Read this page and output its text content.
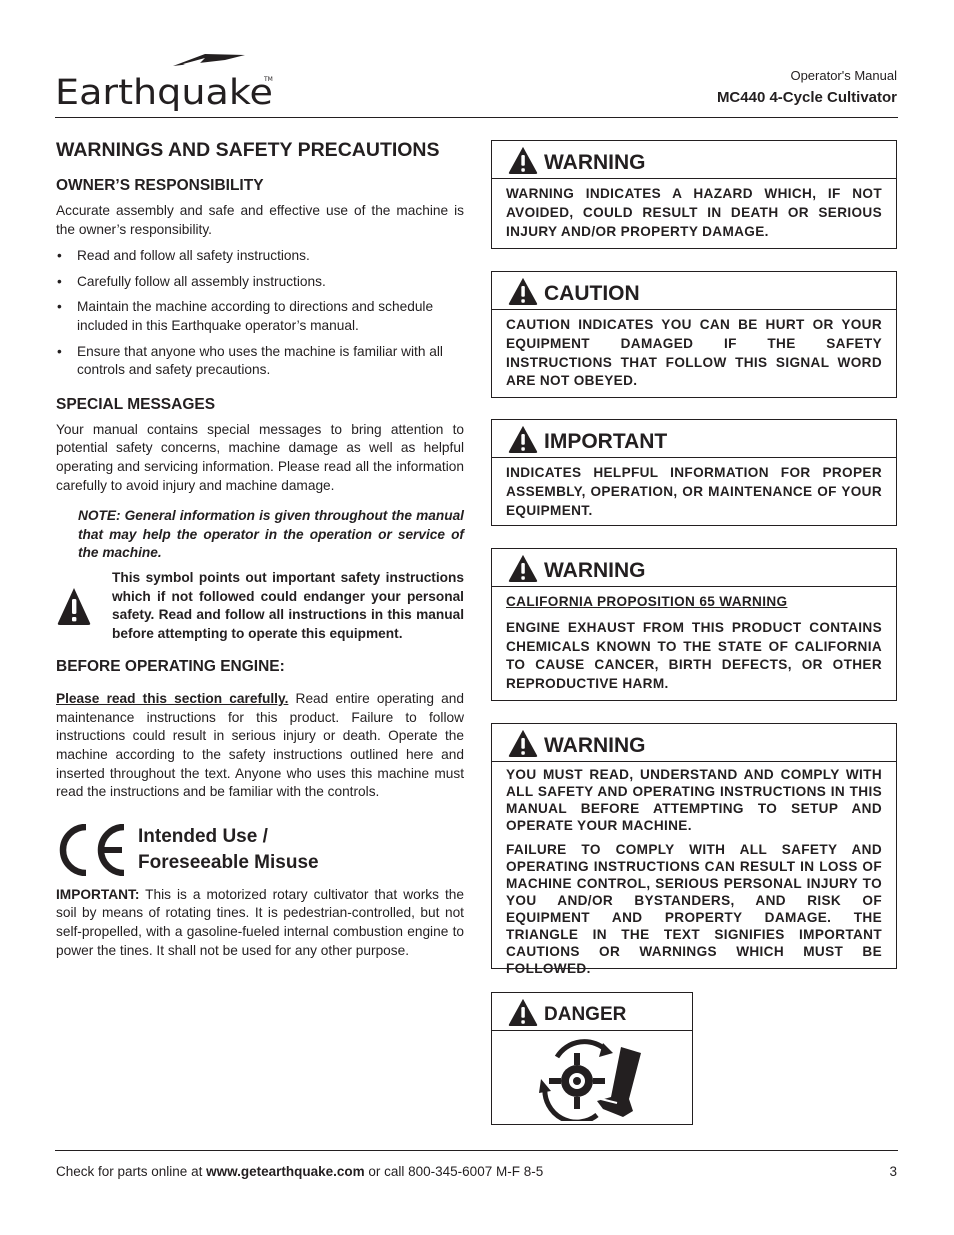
Earthquake
TM	Operator's Manual
MC440 4-Cycle Cultivator
WARNINGS AND SAFETY PRECAUTIONS
OWNER’S RESPONSIBILITY

Accurate assembly and safe and effective use of the machine is the owner’s responsibility.

• Read and follow all safety instructions.
• Carefully follow all assembly instructions.
• Maintain the machine according to directions and schedule included in this Earthquake operator’s manual.
• Ensure that anyone who uses the machine is familiar with all controls and safety precautions.
SPECIAL MESSAGES

Your manual contains special messages to bring attention to potential safety concerns, machine damage as well as helpful operating and servicing information. Please read all the information carefully to avoid injury and machine damage.

NOTE: General information is given throughout the manual that may help the operator in the operation or service of the machine.

This symbol points out important safety instructions which if not followed could endanger your personal safety. Read and follow all instructions in this manual before attempting to operate this equipment.

BEFORE OPERATING ENGINE:

Please read this section carefully. Read entire operating and maintenance instructions for this product. Failure to follow instructions could result in serious injury or death. Operate the machine according to the safety instructions outlined here and inserted throughout the text. Anyone who uses this machine must read the instructions and be familiar with the controls.

Intended Use /
Foreseeable Misuse

IMPORTANT: This is a motorized rotary cultivator that works the soil by means of rotating tines. It is pedestrian-controlled, but not self-propelled, with a gasoline-fueled internal combustion engine to power the tines. It shall not be used for any other purpose.

WARNING

WARNING INDICATES A HAZARD WHICH, IF NOT AVOIDED, COULD RESULT IN DEATH OR SERIOUS INJURY AND/OR PROPERTY DAMAGE.

CAUTION

CAUTION INDICATES YOU CAN BE HURT OR YOUR EQUIPMENT DAMAGED IF THE SAFETY INSTRUCTIONS THAT FOLLOW THIS SIGNAL WORD ARE NOT OBEYED.

IMPORTANT

INDICATES HELPFUL INFORMATION FOR PROPER ASSEMBLY, OPERATION, OR MAINTENANCE OF YOUR EQUIPMENT.

WARNING

CALIFORNIA PROPOSITION 65 WARNING

ENGINE EXHAUST FROM THIS PRODUCT CONTAINS CHEMICALS KNOWN TO THE STATE OF CALIFORNIA TO CAUSE CANCER, BIRTH DEFECTS, OR OTHER REPRODUCTIVE HARM.

WARNING

YOU MUST READ, UNDERSTAND AND COMPLY WITH ALL SAFETY AND OPERATING INSTRUCTIONS IN THIS MANUAL BEFORE ATTEMPTING TO SETUP AND OPERATE YOUR MACHINE.

FAILURE TO COMPLY WITH ALL SAFETY AND OPERATING INSTRUCTIONS CAN RESULT IN LOSS OF MACHINE CONTROL, SERIOUS PERSONAL INJURY TO YOU AND/OR BYSTANDERS, AND RISK OF EQUIPMENT AND PROPERTY DAMAGE. THE TRIANGLE IN THE TEXT SIGNIFIES IMPORTANT CAUTIONS OR WARNINGS WHICH MUST BE FOLLOWED.

DANGER
Check for parts online at www.getearthquake.com or call 800-345-6007 M-F 8-5	3
